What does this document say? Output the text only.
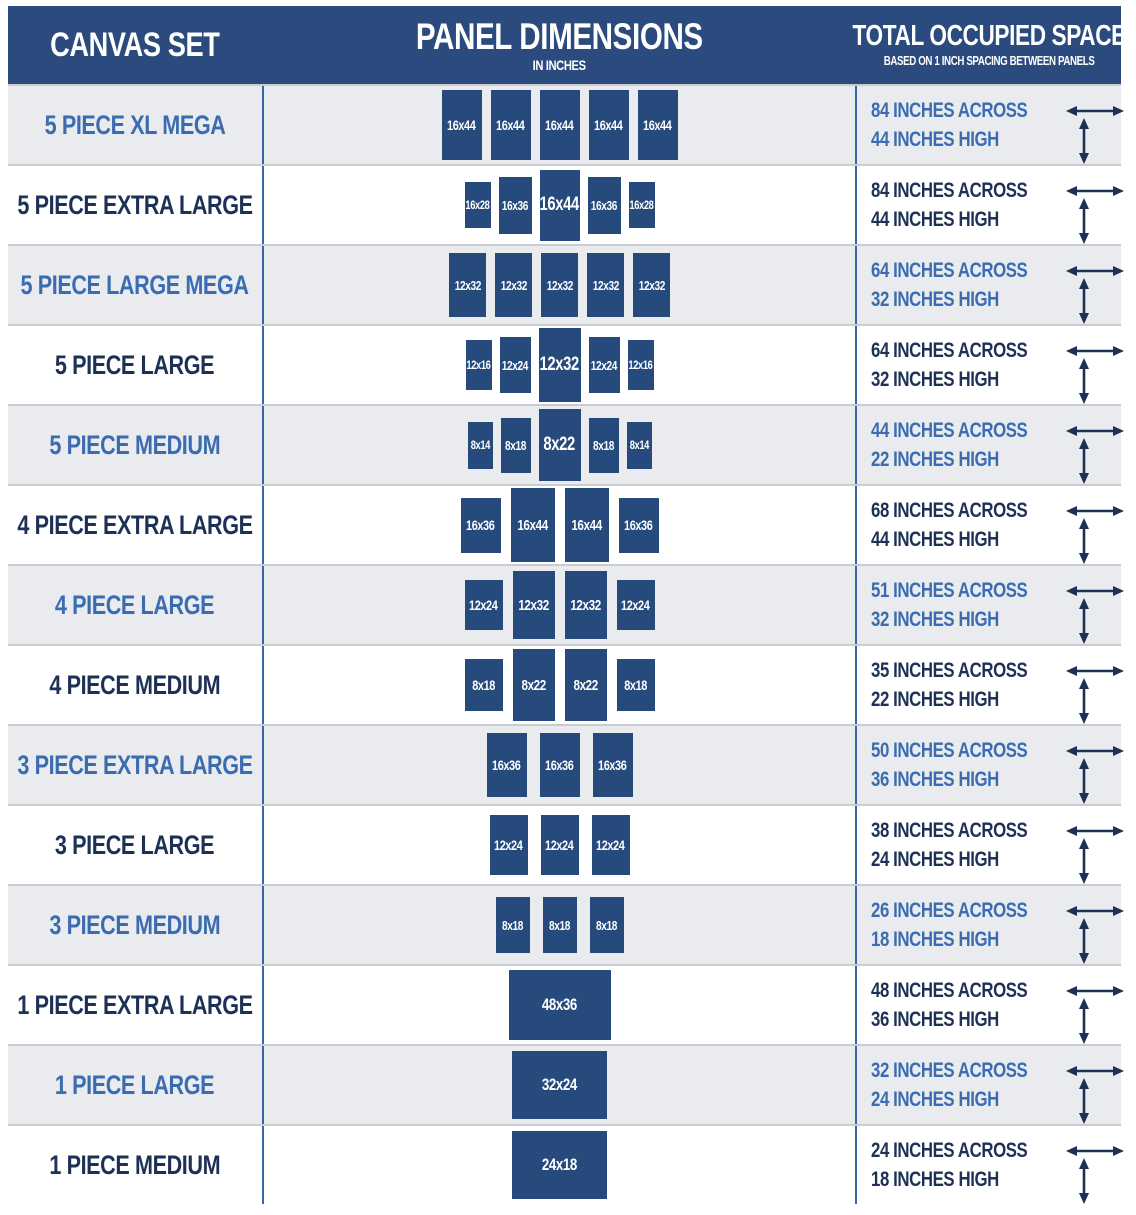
CANVAS SET	PANEL DIMENSIONS
IN INCHES
TOTAL OCCUPIED SPACE
BASED ON 1 INCH SPACING BETWEEN PANELS
5 PIECE XL MEGA	16x44 16x44 16x44 16x44 16x44
84 INCHES ACROSS
44 INCHES HIGH
5 PIECE EXTRA LARGE	16x28 16x36 16x44 16x36 16x28
84 INCHES ACROSS
44 INCHES HIGH
5 PIECE LARGE MEGA	12x32 12x32 12x32 12x32 12x32
64 INCHES ACROSS
32 INCHES HIGH
5 PIECE LARGE	12x16 12x24 12x32 12x24 12x16
64 INCHES ACROSS
32 INCHES HIGH
5 PIECE MEDIUM	8x14 8x18 8x22 8x18 8x14
44 INCHES ACROSS
22 INCHES HIGH
4 PIECE EXTRA LARGE	16x36 16x44 16x44 16x36
68 INCHES ACROSS
44 INCHES HIGH
4 PIECE LARGE	12x24 12x32 12x32 12x24
51 INCHES ACROSS
32 INCHES HIGH
4 PIECE MEDIUM	8x18 8x22 8x22 8x18
35 INCHES ACROSS
22 INCHES HIGH
3 PIECE EXTRA LARGE	16x36 16x36 16x36
50 INCHES ACROSS
36 INCHES HIGH
3 PIECE LARGE	12x24 12x24 12x24
38 INCHES ACROSS
24 INCHES HIGH
3 PIECE MEDIUM	8x18 8x18 8x18
26 INCHES ACROSS
18 INCHES HIGH
1 PIECE EXTRA LARGE	48x36
48 INCHES ACROSS
36 INCHES HIGH
1 PIECE LARGE	32x24
32 INCHES ACROSS
24 INCHES HIGH
1 PIECE MEDIUM	24x18
24 INCHES ACROSS
18 INCHES HIGH
